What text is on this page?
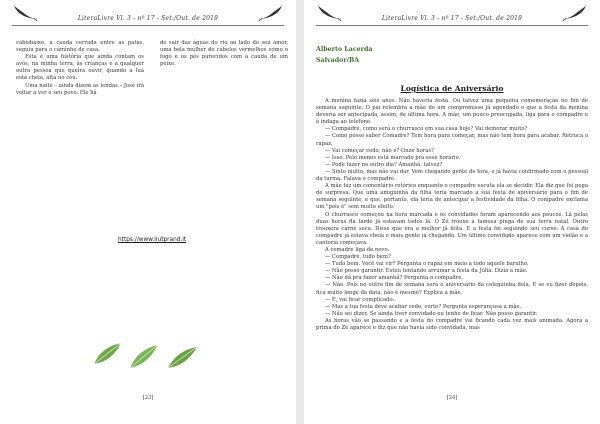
LiteraLivre Vl. 3 - nº 17 - Set./Out. de 2019

cabisbaixo, a cauda cerrada entre as patas, seguiu para o caminho de casa.

Esta é uma história que ainda contam os avôs, na minha terra, às crianças e a qualquer outra pessoa que queira ouvir, quando a lua está cheia, alta no céu.

Uma noite – ainda dizem as lendas – José irá voltar a ver o seu povo. Ele há

de sair das águas do rio ao lado do seu amor, uma bela mulher de cabelos vermelhos como o fogo e os pés parecidos com a cauda de um peixe.

https://www.liutprand.it
[23]
LiteraLivre Vl. 3 - nº 17 - Set./Out. de 2019
Alberto Lacerda
Salvador/BA
Logística de Aniversário

A menina fazia seis anos. Não haveria festa. Ou talvez uma pequena comemoração no fim de semana seguinte. O pai relembra a mãe de um compromisso já agendado e que a festa da menina deveria ser antecipada, assim, de última hora. A mãe, um pouco preocupada, liga para o compadre e o indaga ao telefone.

— Compadre, como será o churrasco em sua casa hoje? Vai demorar muito?

— Como posso saber Comadre? Tem hora para começar, mas não tem hora para acabar. Retruca o rapaz.

— Vai começar cedo, não é? Onze horas?

— Isso. Pelo menos está marcado pra esse horário.

— Pode fazer no outro dia? Amanhã, talvez?

— Sinto muito, mas não vai dar. Vem chegando gente de fora, e já havia confirmado com o pessoal da turma. Falava o compadre.

A mãe faz um comentário retórico enquanto o compadre escuta ela se decidir. Ela diz que foi pega de surpresa. Que uma amiguinha da filha teria marcado a sua festa de aniversário para o fim de semana seguinte, e que, portanto, ela teria de antecipar a festividade da filha. O compadre exclama um "pois é" sem muito efeito.

O churrasco começou na hora marcada e os convidados foram aparecendo aos poucos. Lá pelas duas horas da tarde já estavam todos lá. O Zé trouxe a famosa pinga de sua terra natal. Outro trouxera carne seca. Disse que era a melhor já feita. E a festa foi seguindo seu curso. A casa do compadre já estava cheia e mais gente ia chegando. Um último convidado aparece com um violão e a cantoria começava.

A comadre liga de novo.

— Compadre, tudo bem?

— Tudo bem. Você vai vir? Pergunta o rapaz em meio a todo aquele barulho.

— Não posso garantir. Estou tentando arrumar a festa da Júlia. Dizia a mãe.

— Não dá pra fazer amanhã? Pergunta o compadre.

— Não. Pois no outro fim de semana será o aniversário da coleguinha dela. E se eu fizer depois, fica muito longe da data, não é mesmo? Explica a mãe.

— É, vai ficar complicado.

— Mas a tua festa deve acabar cedo, certo? Pergunta esperançosa a mãe.

— Não sei dizer. Se ainda tiver convidado eu tenho de ficar. Não posso garantir.

As horas vão se passando e a festa do compadre vai ficando cada vez mais animada. Agora a prima do Zé aparece e diz que não havia sido convidada, mas

[24]
